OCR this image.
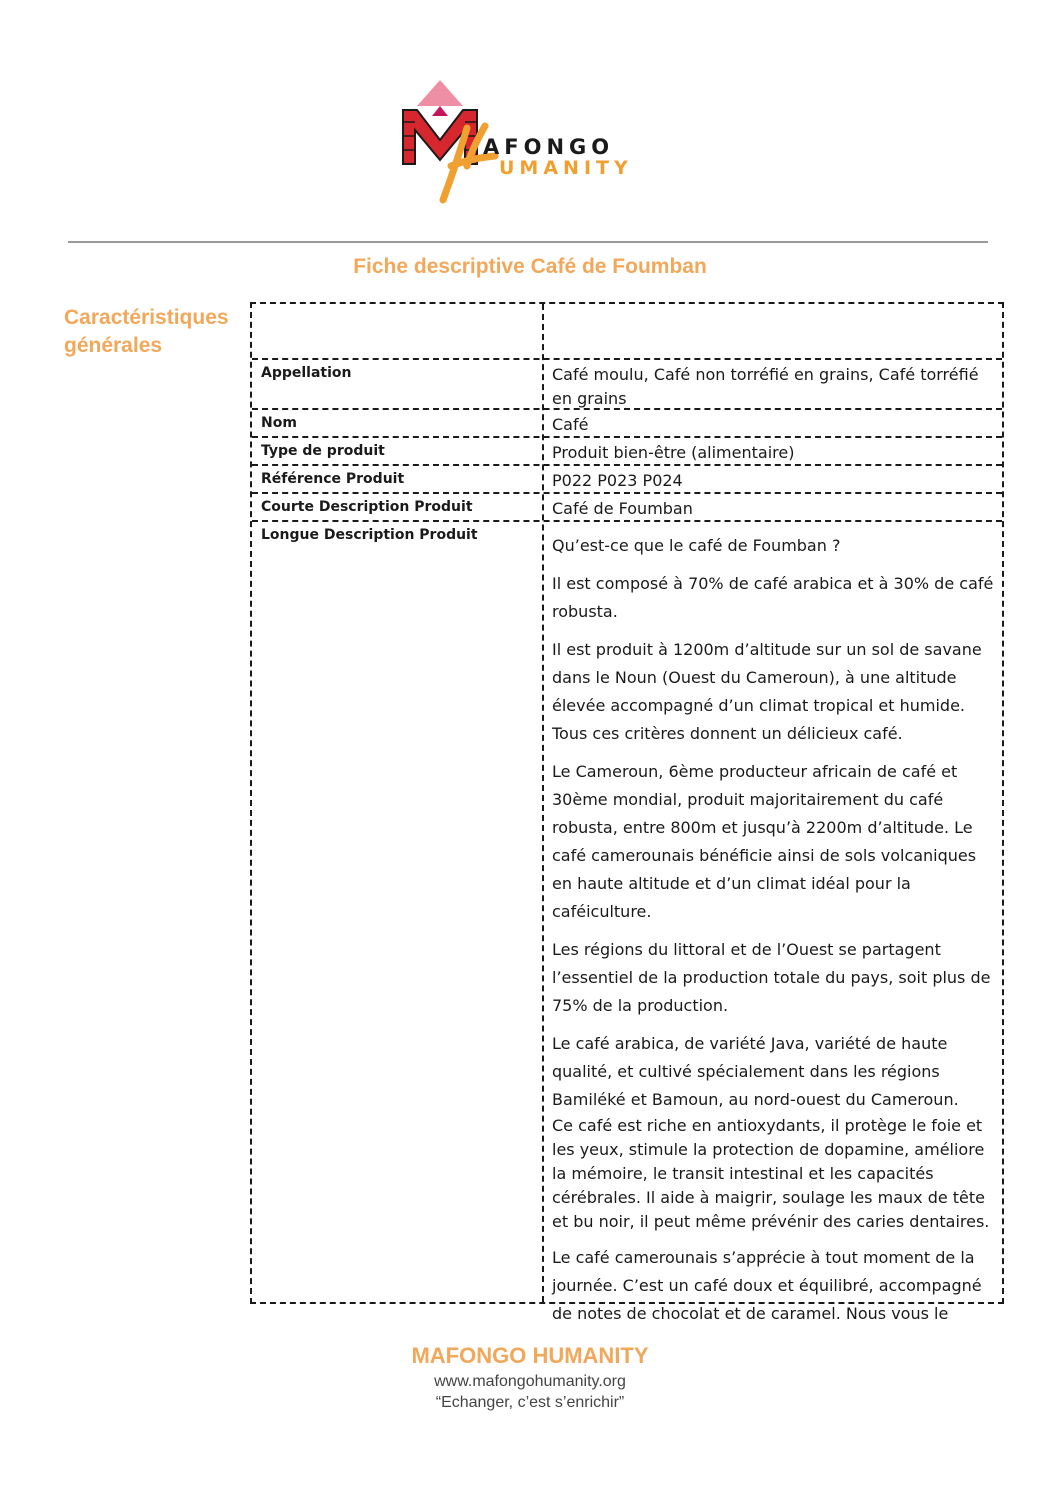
AFONGO
UMANITY
Fiche descriptive Café de Foumban
Caractéristiques générales
Appellation	Café moulu, Café non torréfié en grains, Café torréfié en grains
Nom	Café
Type de produit	Produit bien-être (alimentaire)
Référence Produit	P022 P023 P024
Courte Description Produit	Café de Foumban
Longue Description Produit

Qu’est-ce que le café de Foumban ?

Il est composé à 70% de café arabica et à 30% de café robusta.

Il est produit à 1200m d’altitude sur un sol de savane dans le Noun (Ouest du Cameroun), à une altitude élevée accompagné d’un climat tropical et humide. Tous ces critères donnent un délicieux café.

Le Cameroun, 6ème producteur africain de café et 30ème mondial, produit majoritairement du café robusta, entre 800m et jusqu’à 2200m d’altitude. Le café camerounais bénéficie ainsi de sols volcaniques en haute altitude et d’un climat idéal pour la caféiculture.

Les régions du littoral et de l’Ouest se partagent l’essentiel de la production totale du pays, soit plus de 75% de la production.

Le café arabica, de variété Java, variété de haute qualité, et cultivé spécialement dans les régions Bamiléké et Bamoun, au nord-ouest du Cameroun.

Ce café est riche en antioxydants, il protège le foie et les yeux, stimule la protection de dopamine, améliore la mémoire, le transit intestinal et les capacités cérébrales. Il aide à maigrir, soulage les maux de tête et bu noir, il peut même prévénir des caries dentaires.

Le café camerounais s’apprécie à tout moment de la journée. C’est un café doux et équilibré, accompagné de notes de chocolat et de caramel. Nous vous le

MAFONGO HUMANITY
www.mafongohumanity.org
“Echanger, c’est s’enrichir”
